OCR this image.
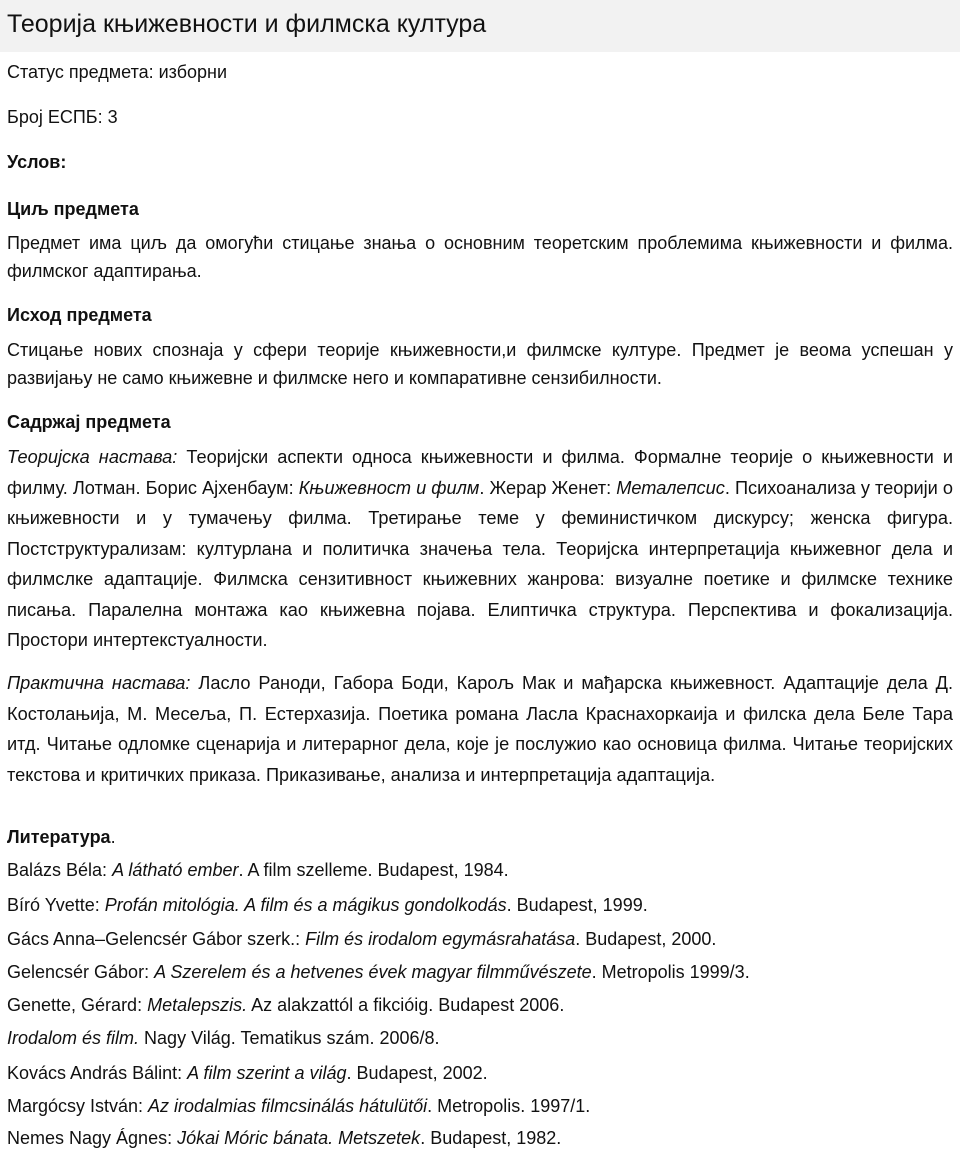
Теорија књижевности и филмска култура
Статус предмета: изборни
Број ЕСПБ: 3
Услов:
Циљ предмета

Предмет има циљ да омогући стицање знања о основним теоретским проблемима књижевности и филма. филмског адаптирања.

Исход предмета

Стицање нових спознаја у сфери теорије књижевности,и филмске културе. Предмет је веома успешан у развијању не само књижевне и филмске него и компаративне сензибилности.

Садржај предмета

Теоријска настава: Теоријски аспекти односа књижевности и филма. Формалне теорије о књижевности и филму. Лотман. Борис Ајхенбаум: Књижевност и филм. Жерар Женет: Металепсис. Психоанализа у теорији о књижевности и у тумачењу филма. Третирање теме у феминистичком дискурсу; женска фигура. Постструктурализам: културлана и политичка значења тела. Теоријска интерпретација књижевног дела и филмслке адаптације. Филмска сензитивност књижевних жанрова: визуалне поетике и филмске технике писања. Паралелна монтажа као књижевна појава. Елиптичка структура. Перспектива и фокализација. Простори интертекстуалности.

Практична настава: Ласло Раноди, Габора Боди, Карољ Мак и мађарска књижевност. Адаптације дела Д. Костолањија, М. Месеља, П. Естерхазија. Поетика романа Ласла Краснахоркаија и филска дела Беле Тара итд. Читање одломке сценарија и литерарног дела, које је послужио као основица филма. Читање теоријских текстова и критичких приказа. Приказивање, анализа и интерпретација адаптација.

Литература.
Balázs Béla: A látható ember. A film szelleme. Budapest, 1984.
Bíró Yvette: Profán mitológia. A film és a mágikus gondolkodás. Budapest, 1999.
Gács Anna–Gelencsér Gábor szerk.: Film és irodalom egymásrahatása. Budapest, 2000.
Gelencsér Gábor: A Szerelem és a hetvenes évek magyar filmművészete. Metropolis 1999/3.
Genette, Gérard: Metalepszis. Az alakzattól a fikcióig. Budapest 2006.
Irodalom és film. Nagy Világ. Tematikus szám. 2006/8.
Kovács András Bálint: A film szerint a világ. Budapest, 2002.
Margócsy István: Az irodalmias filmcsinálás hátulütői. Metropolis. 1997/1.
Nemes Nagy Ágnes: Jókai Móric bánata. Metszetek. Budapest, 1982.
